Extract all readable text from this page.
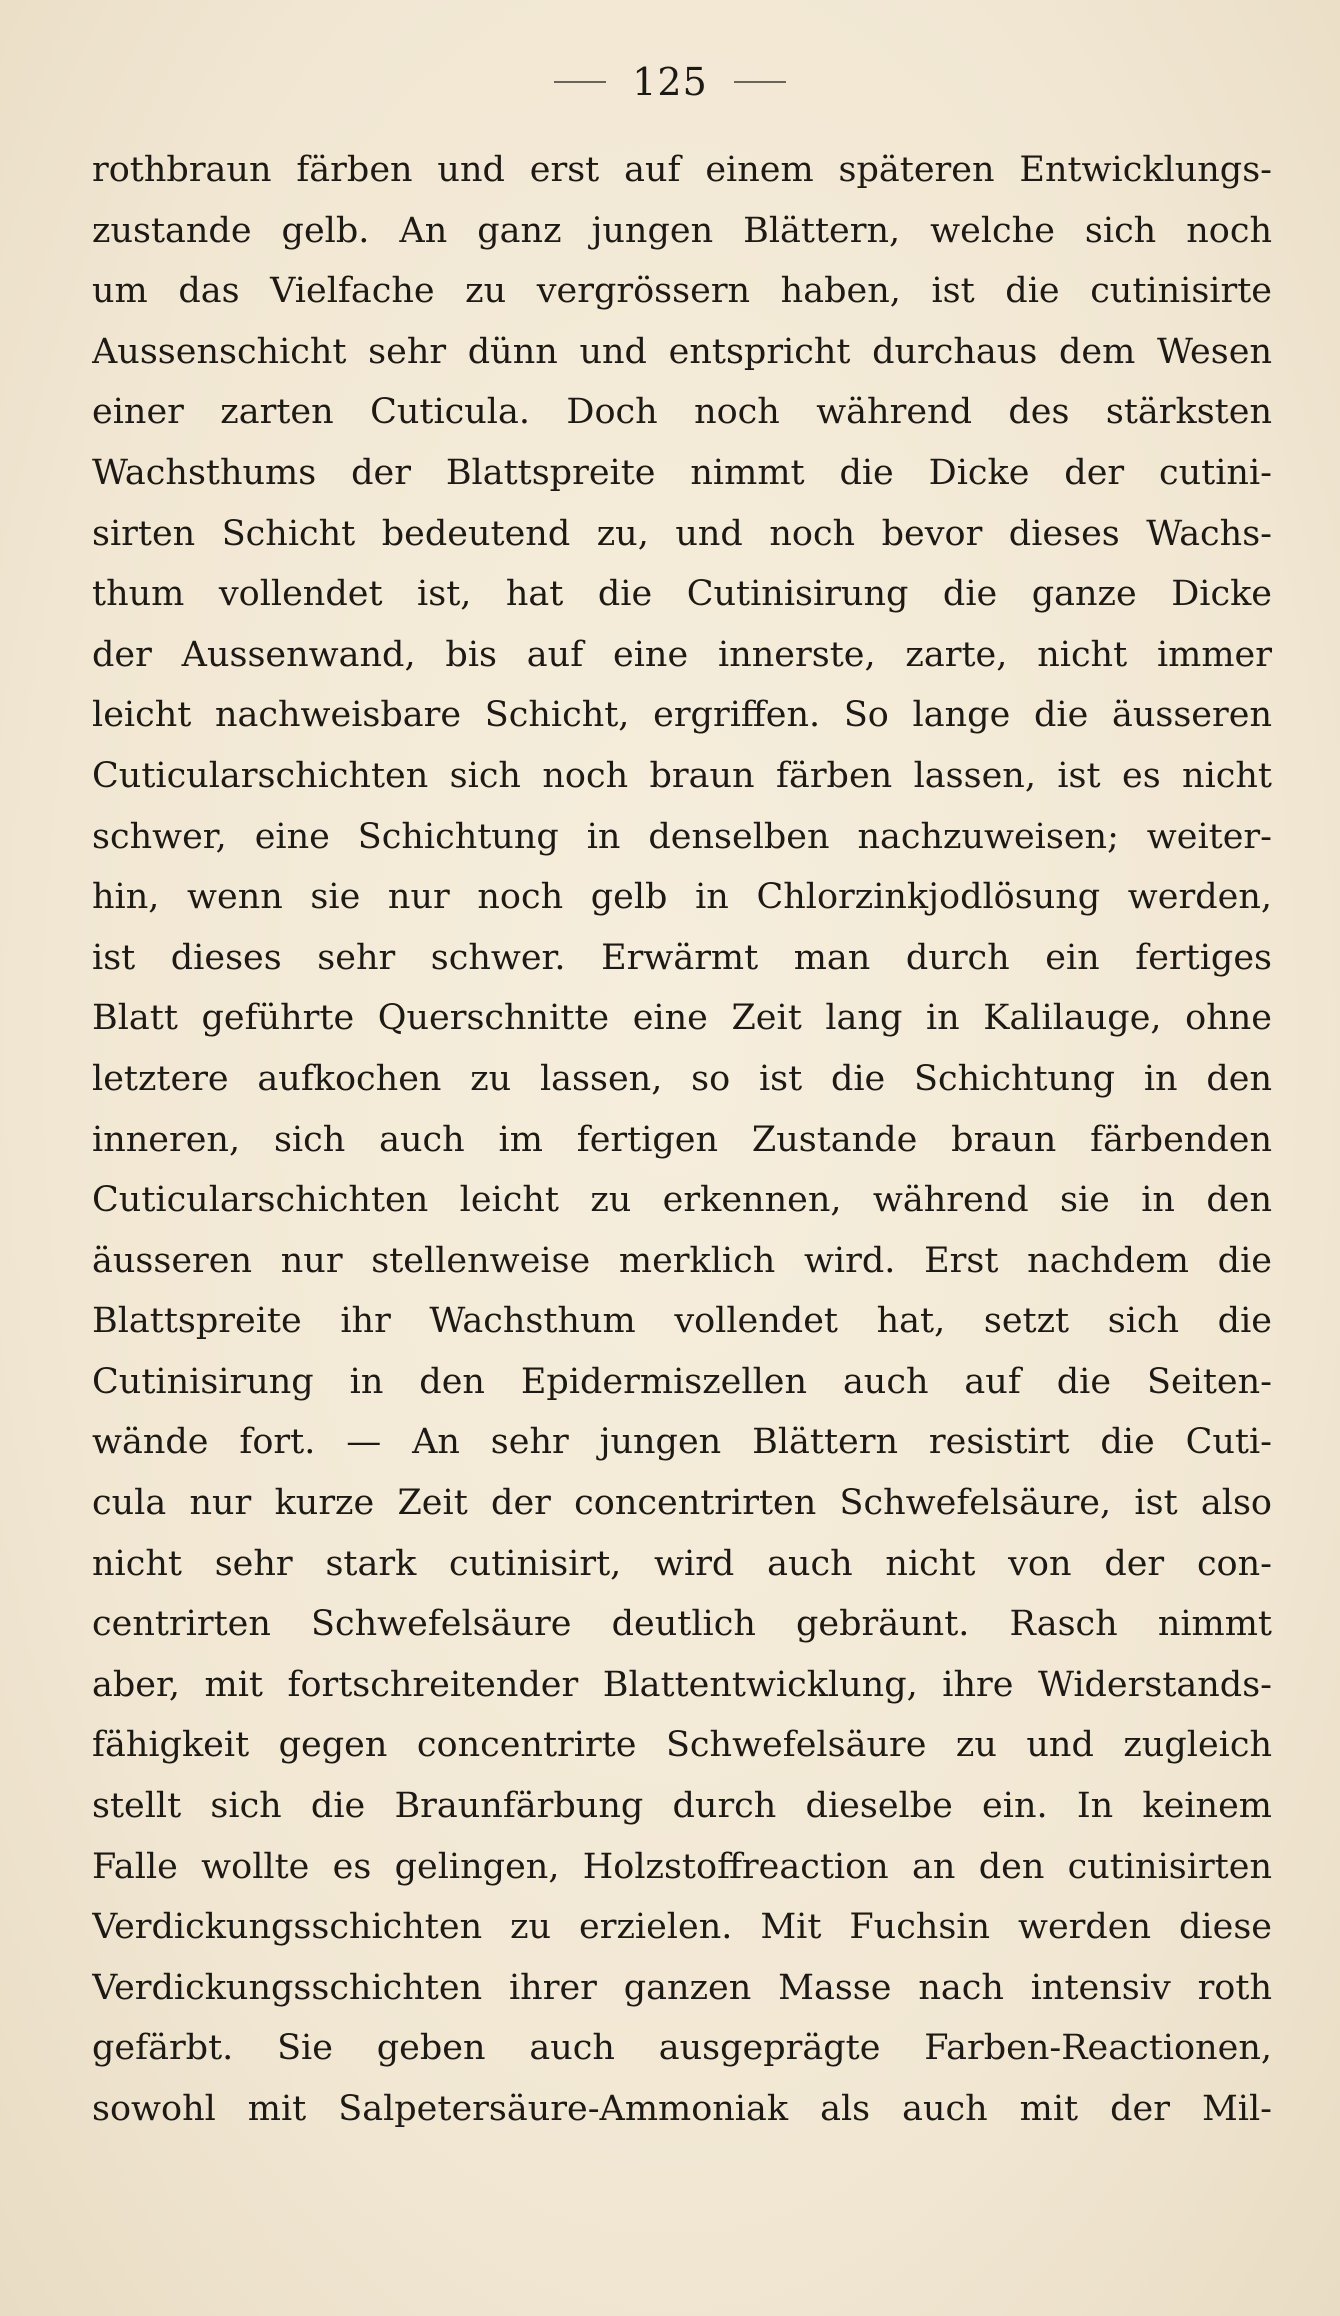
125
rothbraun färben und erst auf einem späteren Entwicklungs-
zustande gelb. An ganz jungen Blättern, welche sich noch
um das Vielfache zu vergrössern haben, ist die cutinisirte
Aussenschicht sehr dünn und entspricht durchaus dem Wesen
einer zarten Cuticula. Doch noch während des stärksten
Wachsthums der Blattspreite nimmt die Dicke der cutini-
sirten Schicht bedeutend zu, und noch bevor dieses Wachs-
thum vollendet ist, hat die Cutinisirung die ganze Dicke
der Aussenwand, bis auf eine innerste, zarte, nicht immer
leicht nachweisbare Schicht, ergriffen. So lange die äusseren
Cuticularschichten sich noch braun färben lassen, ist es nicht
schwer, eine Schichtung in denselben nachzuweisen; weiter-
hin, wenn sie nur noch gelb in Chlorzinkjodlösung werden,
ist dieses sehr schwer. Erwärmt man durch ein fertiges
Blatt geführte Querschnitte eine Zeit lang in Kalilauge, ohne
letztere aufkochen zu lassen, so ist die Schichtung in den
inneren, sich auch im fertigen Zustande braun färbenden
Cuticularschichten leicht zu erkennen, während sie in den
äusseren nur stellenweise merklich wird. Erst nachdem die
Blattspreite ihr Wachsthum vollendet hat, setzt sich die
Cutinisirung in den Epidermiszellen auch auf die Seiten-
wände fort. — An sehr jungen Blättern resistirt die Cuti-
cula nur kurze Zeit der concentrirten Schwefelsäure, ist also
nicht sehr stark cutinisirt, wird auch nicht von der con-
centrirten Schwefelsäure deutlich gebräunt. Rasch nimmt
aber, mit fortschreitender Blattentwicklung, ihre Widerstands-
fähigkeit gegen concentrirte Schwefelsäure zu und zugleich
stellt sich die Braunfärbung durch dieselbe ein. In keinem
Falle wollte es gelingen, Holzstoffreaction an den cutinisirten
Verdickungsschichten zu erzielen. Mit Fuchsin werden diese
Verdickungsschichten ihrer ganzen Masse nach intensiv roth
gefärbt. Sie geben auch ausgeprägte Farben-Reactionen,
sowohl mit Salpetersäure-Ammoniak als auch mit der Mil-
